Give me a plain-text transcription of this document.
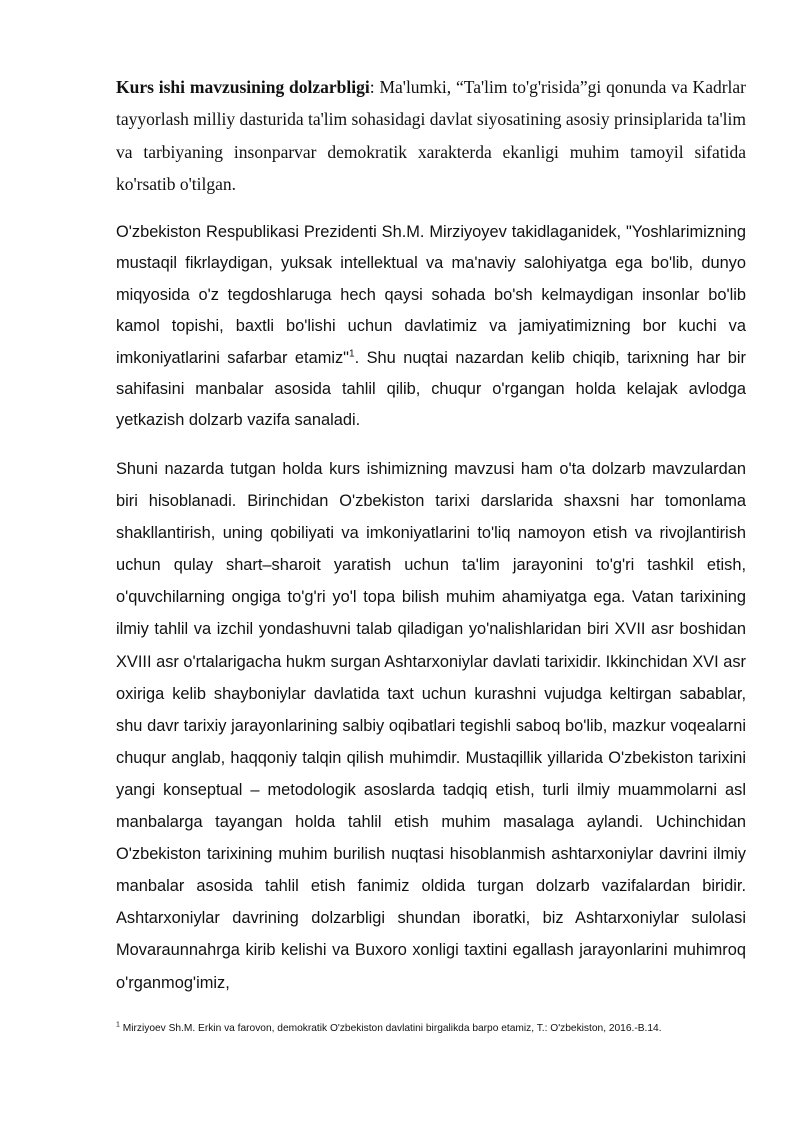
Kurs ishi mavzusining dolzarbligi: Ma'lumki, “Ta'lim to'g'risida”gi qonunda va Kadrlar tayyorlash milliy dasturida ta'lim sohasidagi davlat siyosatining asosiy prinsiplarida ta'lim va tarbiyaning insonparvar demokratik xarakterda ekanligi muhim tamoyil sifatida ko'rsatib o'tilgan.

O'zbekiston Respublikasi Prezidenti Sh.M. Mirziyoyev takidlaganidek, "Yoshlarimizning mustaqil fikrlaydigan, yuksak intellektual va ma'naviy salohiyatga ega bo'lib, dunyo miqyosida o'z tegdoshlaruga hech qaysi sohada bo'sh kelmaydigan insonlar bo'lib kamol topishi, baxtli bo'lishi uchun davlatimiz va jamiyatimizning bor kuchi va imkoniyatlarini safarbar etamiz"$^1$. Shu nuqtai nazardan kelib chiqib, tarixning har bir sahifasini manbalar asosida tahlil qilib, chuqur o'rgangan holda kelajak avlodga yetkazish dolzarb vazifa sanaladi.

Shuni nazarda tutgan holda kurs ishimizning mavzusi ham o'ta dolzarb mavzulardan biri hisoblanadi. Birinchidan O'zbekiston tarixi darslarida shaxsni har tomonlama shakllantirish, uning qobiliyati va imkoniyatlarini to'liq namoyon etish va rivojlantirish uchun qulay shart–sharoit yaratish uchun ta'lim jarayonini to'g'ri tashkil etish, o'quvchilarning ongiga to'g'ri yo'l topa bilish muhim ahamiyatga ega. Vatan tarixining ilmiy tahlil va izchil yondashuvni talab qiladigan yo'nalishlaridan biri XVII asr boshidan XVIII asr o'rtalarigacha hukm surgan Ashtarxoniylar davlati tarixidir. Ikkinchidan XVI asr oxiriga kelib shayboniylar davlatida taxt uchun kurashni vujudga keltirgan sabablar, shu davr tarixiy jarayonlarining salbiy oqibatlari tegishli saboq bo'lib, mazkur voqealarni chuqur anglab, haqqoniy talqin qilish muhimdir. Mustaqillik yillarida O'zbekiston tarixini yangi konseptual – metodologik asoslarda tadqiq etish, turli ilmiy muammolarni asl manbalarga tayangan holda tahlil etish muhim masalaga aylandi. Uchinchidan O'zbekiston tarixining muhim burilish nuqtasi hisoblanmish ashtarxoniylar davrini ilmiy manbalar asosida tahlil etish fanimiz oldida turgan dolzarb vazifalardan biridir. Ashtarxoniylar davrining dolzarbligi shundan iboratki, biz Ashtarxoniylar sulolasi Movaraunnahrga kirib kelishi va Buxoro xonligi taxtini egallash jarayonlarini muhimroq o'rganmog'imiz,

$^1$ Mirziyoev Sh.M. Erkin va farovon, demokratik O'zbekiston davlatini birgalikda barpo etamiz, T.: O'zbekiston, 2016.-B.14.
